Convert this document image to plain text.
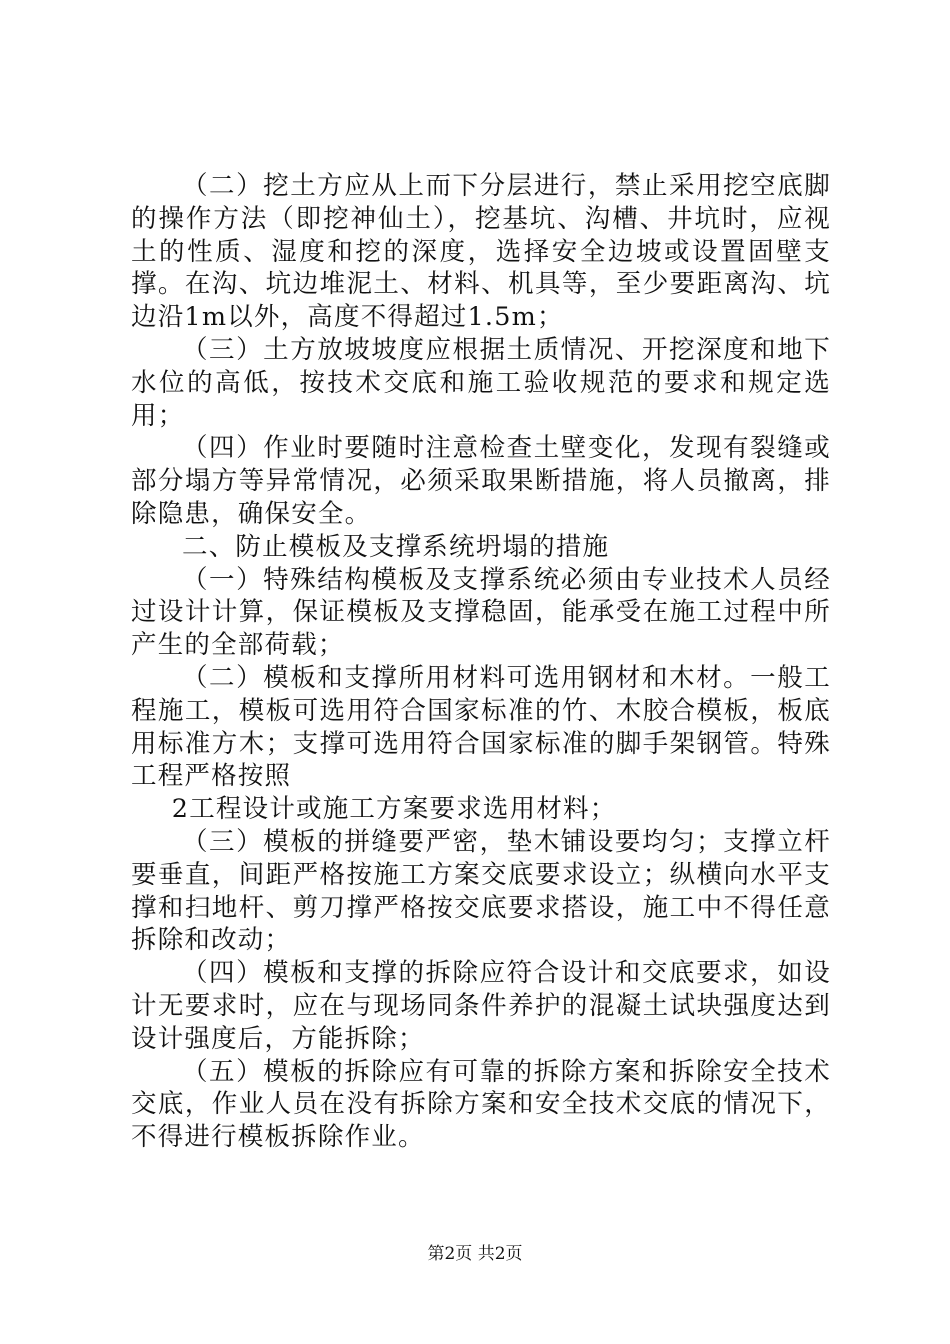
（二）挖土方应从上而下分层进行，禁止采用挖空底脚的操作方法（即挖神仙土），挖基坑、沟槽、井坑时，应视土的性质、湿度和挖的深度，选择安全边坡或设置固壁支撑。在沟、坑边堆泥土、材料、机具等，至少要距离沟、坑边沿1m以外，高度不得超过1.5m；

（三）土方放坡坡度应根据土质情况、开挖深度和地下水位的高低，按技术交底和施工验收规范的要求和规定选用；

（四）作业时要随时注意检查土壁变化，发现有裂缝或部分塌方等异常情况，必须采取果断措施，将人员撤离，排除隐患，确保安全。

二、防止模板及支撑系统坍塌的措施

（一）特殊结构模板及支撑系统必须由专业技术人员经过设计计算，保证模板及支撑稳固，能承受在施工过程中所产生的全部荷载；

（二）模板和支撑所用材料可选用钢材和木材。一般工程施工，模板可选用符合国家标准的竹、木胶合模板，板底用标准方木；支撑可选用符合国家标准的脚手架钢管。特殊工程严格按照

2工程设计或施工方案要求选用材料；

（三）模板的拼缝要严密，垫木铺设要均匀；支撑立杆要垂直，间距严格按施工方案交底要求设立；纵横向水平支撑和扫地杆、剪刀撑严格按交底要求搭设，施工中不得任意拆除和改动；

（四）模板和支撑的拆除应符合设计和交底要求，如设计无要求时，应在与现场同条件养护的混凝土试块强度达到设计强度后，方能拆除；

（五）模板的拆除应有可靠的拆除方案和拆除安全技术交底，作业人员在没有拆除方案和安全技术交底的情况下，不得进行模板拆除作业。

第2页 共2页
